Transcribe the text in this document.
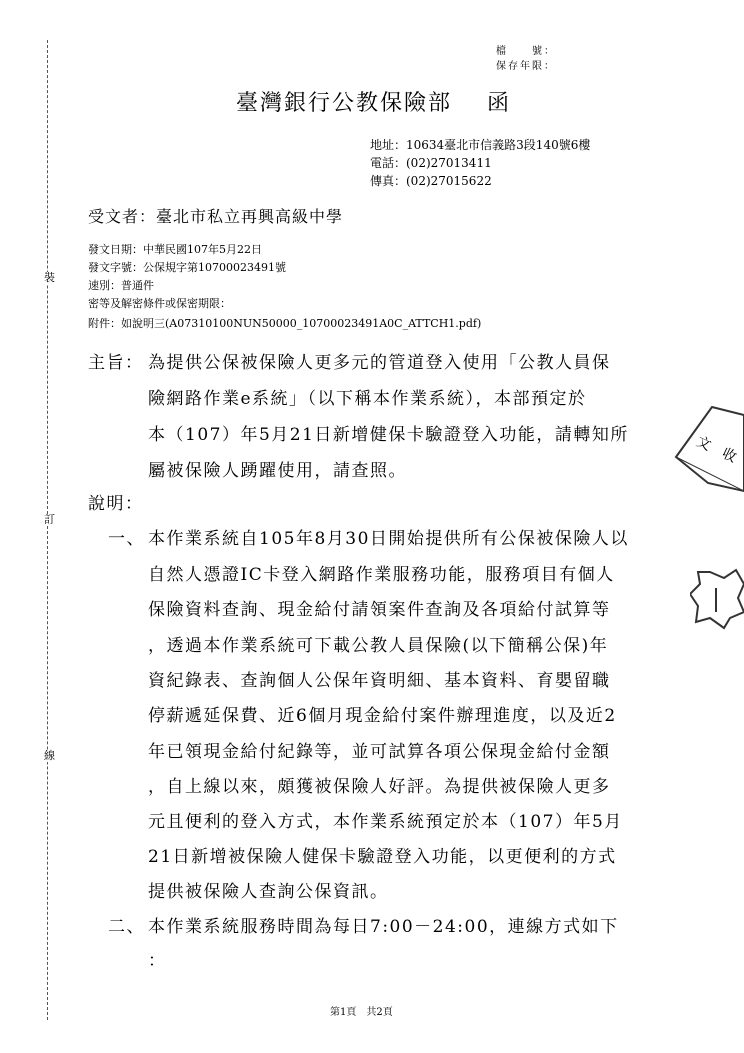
裝
訂
線
檔　　號：
保存年限：
臺灣銀行公教保險部 函
地址：10634臺北市信義路3段140號6樓
電話：(02)27013411
傳真：(02)27015622
受文者：臺北市私立再興高級中學
發文日期：中華民國107年5月22日
發文字號：公保規字第10700023491號
速別：普通件
密等及解密條件或保密期限：
附件：如說明三(A07310100NUN50000_10700023491A0C_ATTCH1.pdf)
主旨： 為提供公保被保險人更多元的管道登入使用「公教人員保
險網路作業e系統」（以下稱本作業系統），本部預定於
本（107）年5月21日新增健保卡驗證登入功能，請轉知所
屬被保險人踴躍使用，請查照。
說明：
一、 本作業系統自105年8月30日開始提供所有公保被保險人以
自然人憑證IC卡登入網路作業服務功能，服務項目有個人
保險資料查詢、現金給付請領案件查詢及各項給付試算等
，透過本作業系統可下載公教人員保險(以下簡稱公保)年
資紀錄表、查詢個人公保年資明細、基本資料、育嬰留職
停薪遞延保費、近6個月現金給付案件辦理進度，以及近2
年已領現金給付紀錄等，並可試算各項公保現金給付金額
，自上線以來，頗獲被保險人好評。為提供被保險人更多
元且便利的登入方式，本作業系統預定於本（107）年5月
21日新增被保險人健保卡驗證登入功能，以更便利的方式
提供被保險人查詢公保資訊。
二、 本作業系統服務時間為每日7:00－24:00，連線方式如下
：
文　收
第1頁　共2頁
